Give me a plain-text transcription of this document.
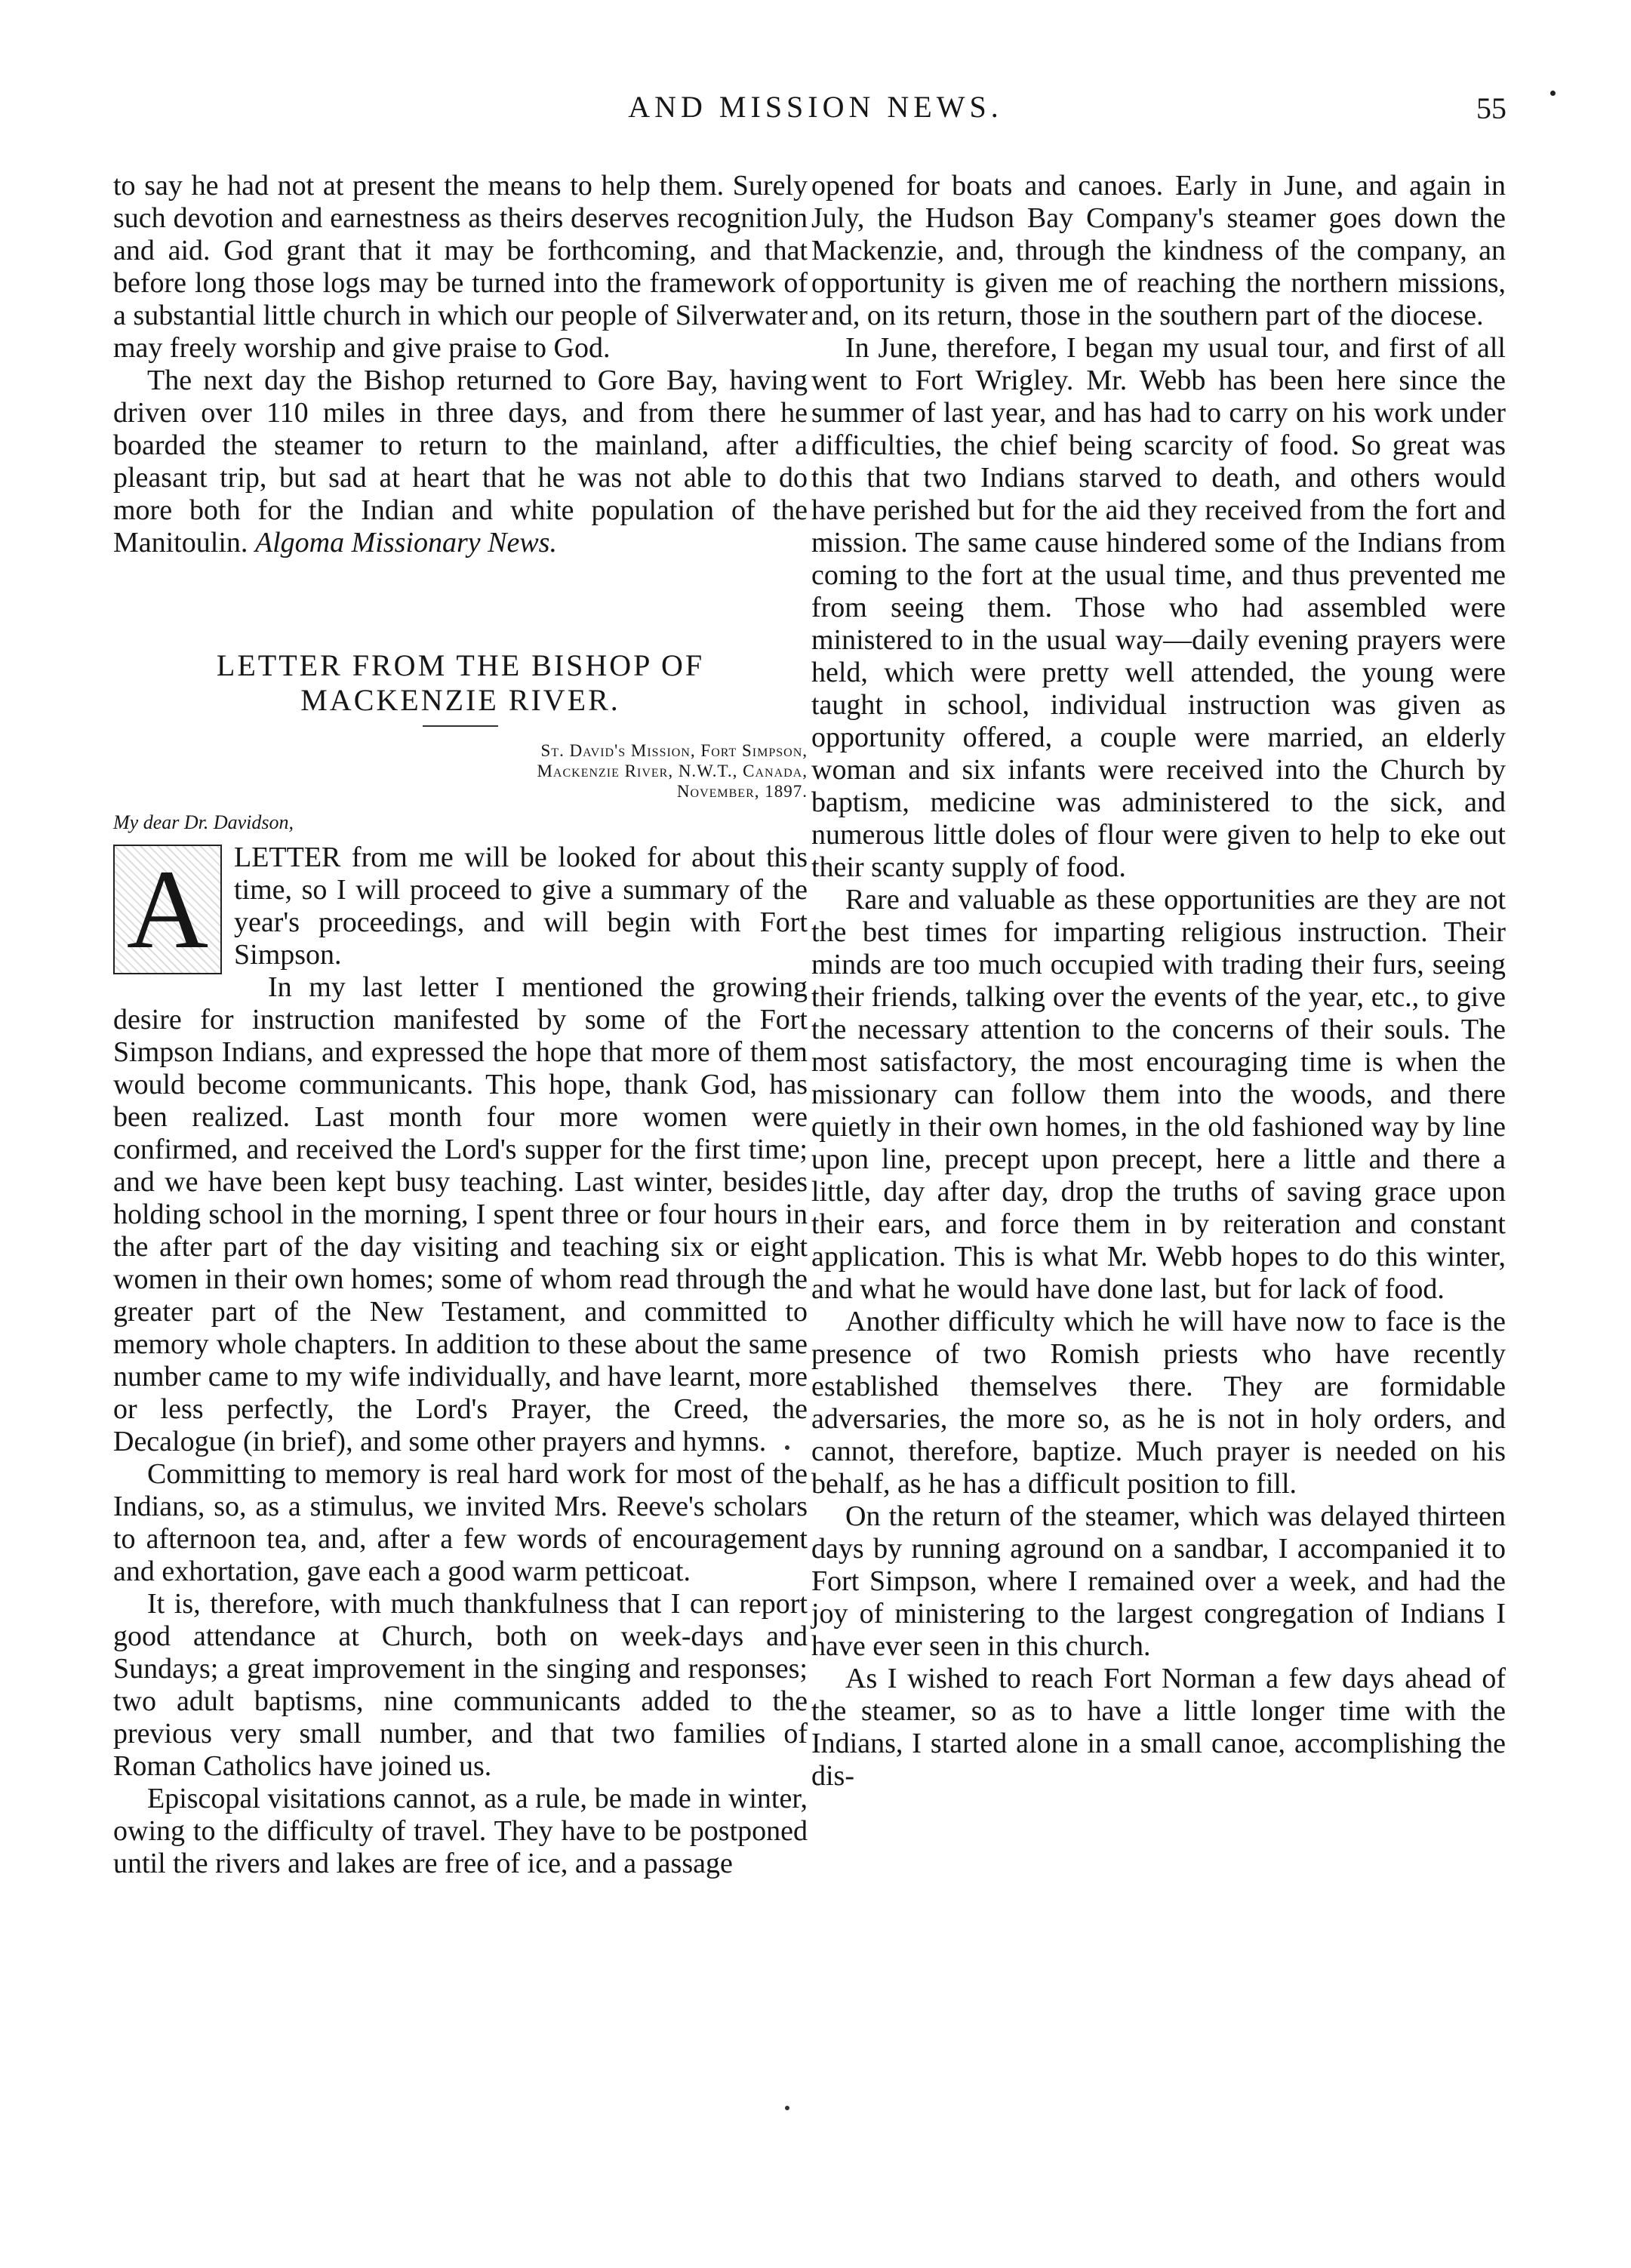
AND MISSION NEWS.	55

to say he had not at present the means to help them. Surely such devotion and earnestness as theirs deserves recognition and aid. God grant that it may be forthcoming, and that before long those logs may be turned into the framework of a substantial little church in which our people of Silverwater may freely worship and give praise to God.

The next day the Bishop returned to Gore Bay, having driven over 110 miles in three days, and from there he boarded the steamer to return to the mainland, after a pleasant trip, but sad at heart that he was not able to do more both for the Indian and white population of the Manitoulin. Algoma Missionary News.

LETTER FROM THE BISHOP OF
MACKENZIE RIVER.

St. David's Mission, Fort Simpson,
Mackenzie River, N.W.T., Canada,
November, 1897.

My dear Dr. Davidson,

A LETTER from me will be looked for about this time, so I will proceed to give a summary of the year's proceedings, and will begin with Fort Simpson.

In my last letter I mentioned the growing desire for instruction manifested by some of the Fort Simpson Indians, and expressed the hope that more of them would become communicants. This hope, thank God, has been realized. Last month four more women were confirmed, and received the Lord's supper for the first time; and we have been kept busy teaching. Last winter, besides holding school in the morning, I spent three or four hours in the after part of the day visiting and teaching six or eight women in their own homes; some of whom read through the greater part of the New Testament, and committed to memory whole chapters. In addition to these about the same number came to my wife individually, and have learnt, more or less perfectly, the Lord's Prayer, the Creed, the Decalogue (in brief), and some other prayers and hymns.

Committing to memory is real hard work for most of the Indians, so, as a stimulus, we invited Mrs. Reeve's scholars to afternoon tea, and, after a few words of encouragement and exhortation, gave each a good warm petticoat.

It is, therefore, with much thankfulness that I can report good attendance at Church, both on week-days and Sundays; a great improvement in the singing and responses; two adult baptisms, nine communicants added to the previous very small number, and that two families of Roman Catholics have joined us.

Episcopal visitations cannot, as a rule, be made in winter, owing to the difficulty of travel. They have to be postponed until the rivers and lakes are free of ice, and a passage

opened for boats and canoes. Early in June, and again in July, the Hudson Bay Company's steamer goes down the Mackenzie, and, through the kindness of the company, an opportunity is given me of reaching the northern missions, and, on its return, those in the southern part of the diocese.

In June, therefore, I began my usual tour, and first of all went to Fort Wrigley. Mr. Webb has been here since the summer of last year, and has had to carry on his work under difficulties, the chief being scarcity of food. So great was this that two Indians starved to death, and others would have perished but for the aid they received from the fort and mission. The same cause hindered some of the Indians from coming to the fort at the usual time, and thus prevented me from seeing them. Those who had assembled were ministered to in the usual way—daily evening prayers were held, which were pretty well attended, the young were taught in school, individual instruction was given as opportunity offered, a couple were married, an elderly woman and six infants were received into the Church by baptism, medicine was administered to the sick, and numerous little doles of flour were given to help to eke out their scanty supply of food.

Rare and valuable as these opportunities are they are not the best times for imparting religious instruction. Their minds are too much occupied with trading their furs, seeing their friends, talking over the events of the year, etc., to give the necessary attention to the concerns of their souls. The most satisfactory, the most encouraging time is when the missionary can follow them into the woods, and there quietly in their own homes, in the old fashioned way by line upon line, precept upon precept, here a little and there a little, day after day, drop the truths of saving grace upon their ears, and force them in by reiteration and constant application. This is what Mr. Webb hopes to do this winter, and what he would have done last, but for lack of food.

Another difficulty which he will have now to face is the presence of two Romish priests who have recently established themselves there. They are formidable adversaries, the more so, as he is not in holy orders, and cannot, therefore, baptize. Much prayer is needed on his behalf, as he has a difficult position to fill.

On the return of the steamer, which was delayed thirteen days by running aground on a sandbar, I accompanied it to Fort Simpson, where I remained over a week, and had the joy of ministering to the largest congregation of Indians I have ever seen in this church.

As I wished to reach Fort Norman a few days ahead of the steamer, so as to have a little longer time with the Indians, I started alone in a small canoe, accomplishing the dis-
